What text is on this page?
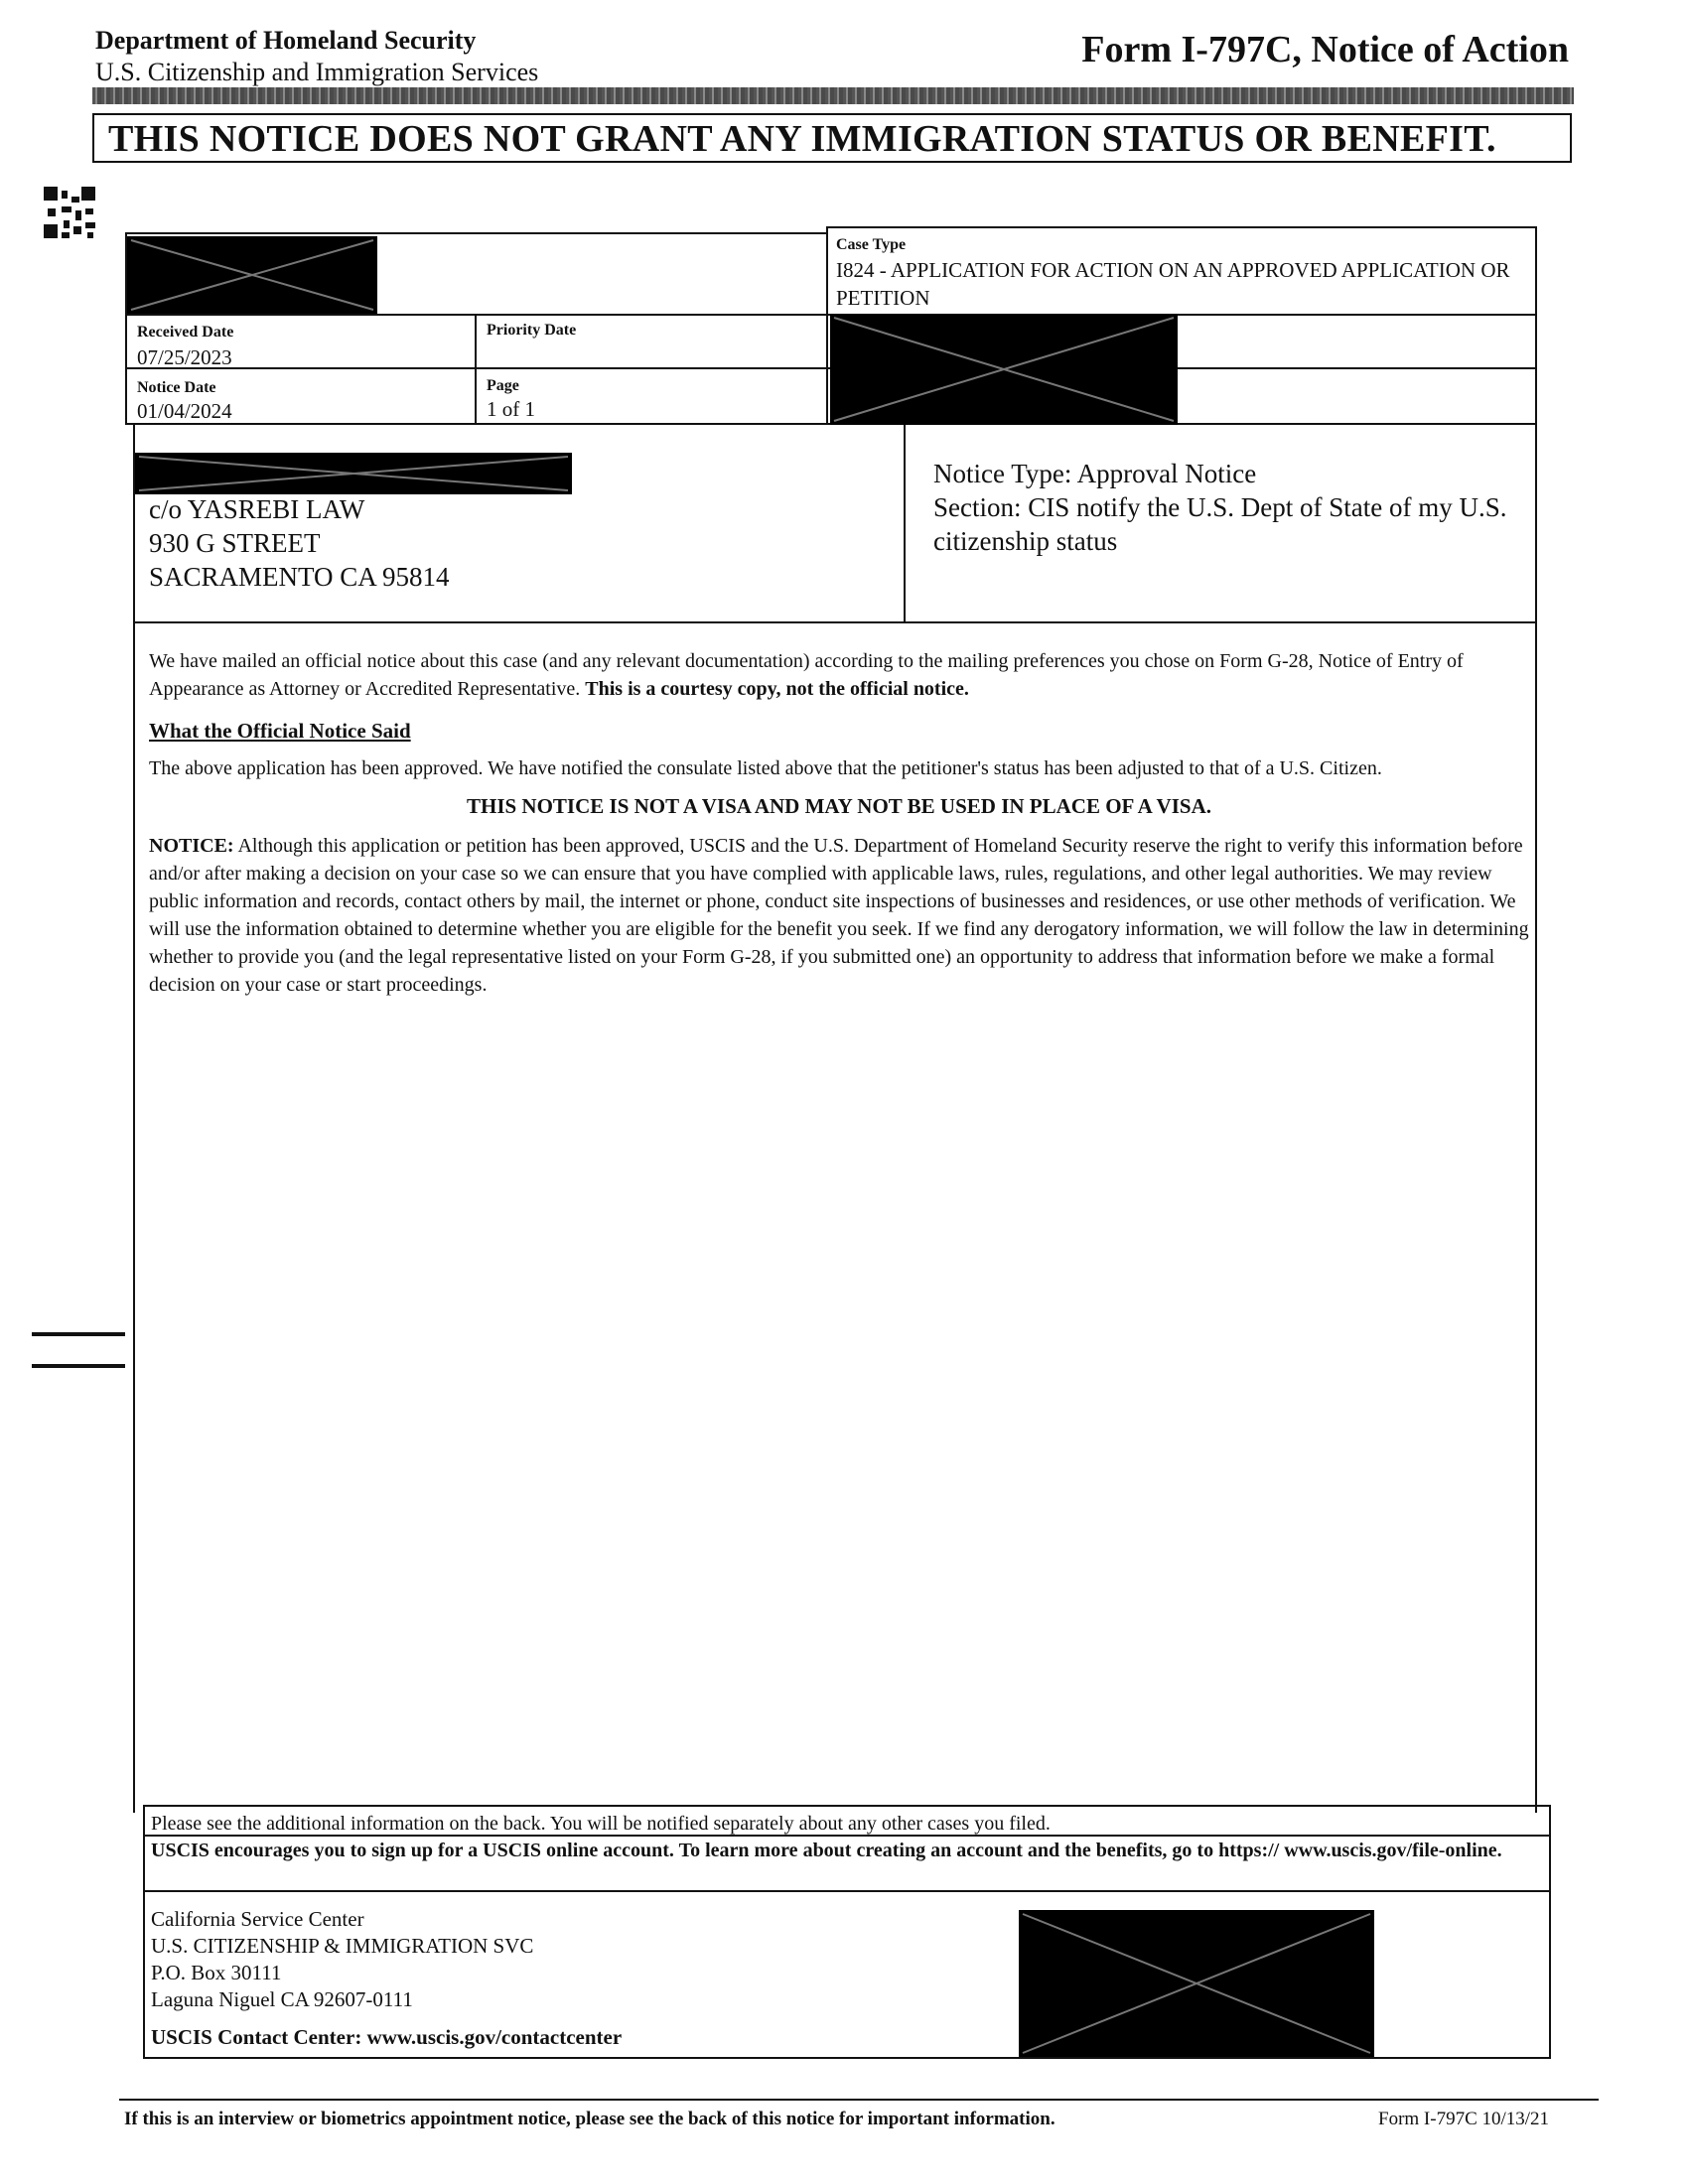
Department of Homeland Security
U.S. Citizenship and Immigration Services
Form I-797C, Notice of Action
THIS NOTICE DOES NOT GRANT ANY IMMIGRATION STATUS OR BENEFIT.
Case Type
I824 - APPLICATION FOR ACTION ON AN APPROVED APPLICATION OR PETITION
Received Date
07/25/2023
Priority Date
Notice Date
01/04/2024
Page
1 of 1
c/o YASREBI LAW
930 G STREET
SACRAMENTO CA 95814
Notice Type: Approval Notice
Section: CIS notify the U.S. Dept of State of my U.S. citizenship status
We have mailed an official notice about this case (and any relevant documentation) according to the mailing preferences you chose on Form G-28, Notice of Entry of Appearance as Attorney or Accredited Representative. This is a courtesy copy, not the official notice.
What the Official Notice Said
The above application has been approved. We have notified the consulate listed above that the petitioner's status has been adjusted to that of a U.S. Citizen.
THIS NOTICE IS NOT A VISA AND MAY NOT BE USED IN PLACE OF A VISA.
NOTICE: Although this application or petition has been approved, USCIS and the U.S. Department of Homeland Security reserve the right to verify this information before and/or after making a decision on your case so we can ensure that you have complied with applicable laws, rules, regulations, and other legal authorities. We may review public information and records, contact others by mail, the internet or phone, conduct site inspections of businesses and residences, or use other methods of verification. We will use the information obtained to determine whether you are eligible for the benefit you seek. If we find any derogatory information, we will follow the law in determining whether to provide you (and the legal representative listed on your Form G-28, if you submitted one) an opportunity to address that information before we make a formal decision on your case or start proceedings.
Please see the additional information on the back. You will be notified separately about any other cases you filed.
USCIS encourages you to sign up for a USCIS online account. To learn more about creating an account and the benefits, go to https:// www.uscis.gov/file-online.
California Service Center
U.S. CITIZENSHIP & IMMIGRATION SVC
P.O. Box 30111
Laguna Niguel CA 92607-0111
USCIS Contact Center: www.uscis.gov/contactcenter
If this is an interview or biometrics appointment notice, please see the back of this notice for important information.	Form I-797C 10/13/21
